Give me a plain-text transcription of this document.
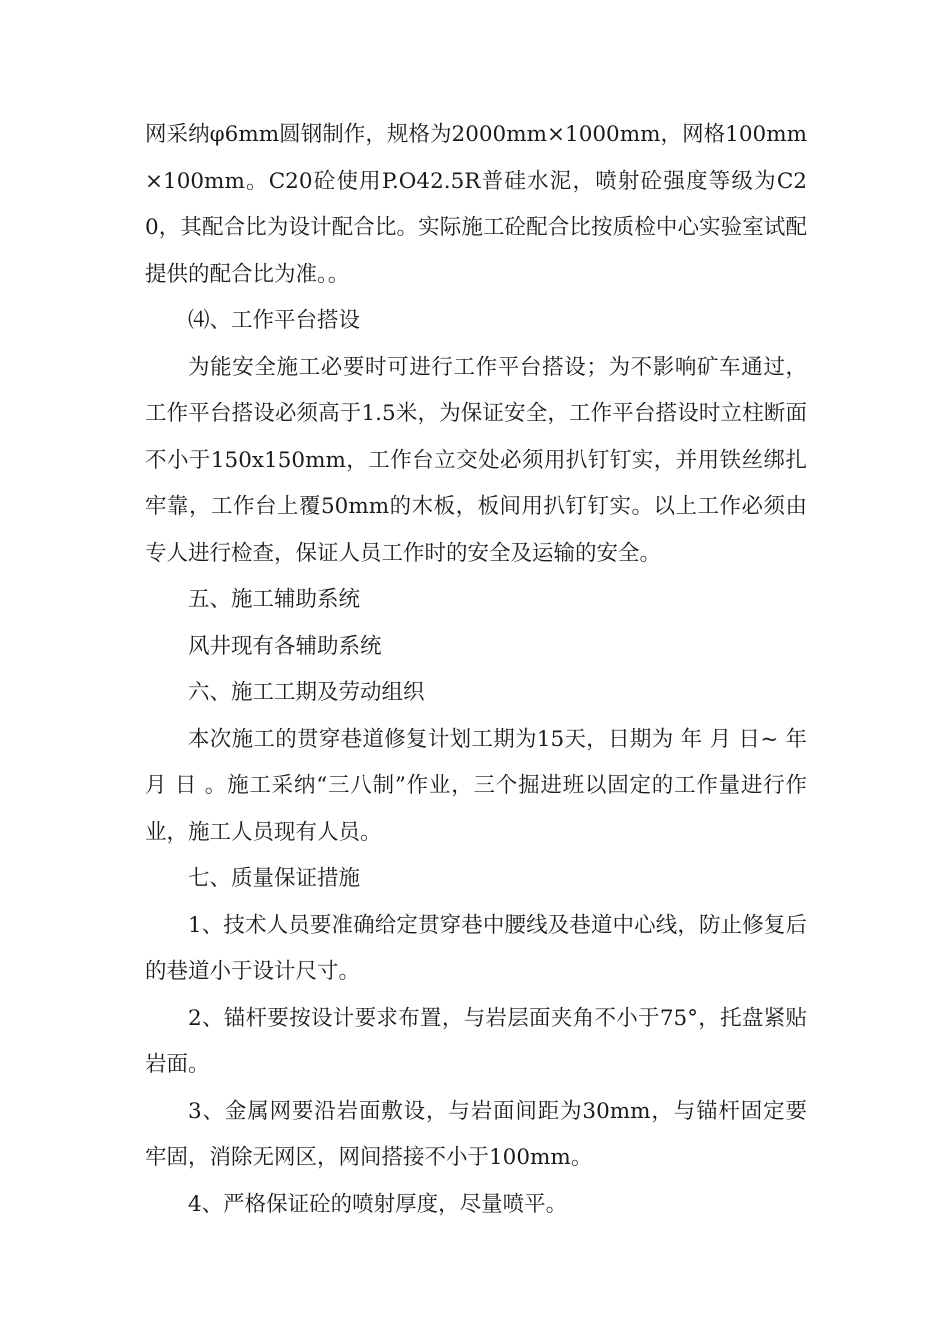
网采纳φ6mm圆钢制作，规格为2000mm×1000mm，网格100mm×100mm。C20砼使用P.O42.5R普硅水泥，喷射砼强度等级为C20，其配合比为设计配合比。实际施工砼配合比按质检中心实验室试配提供的配合比为准。。

⑷、工作平台搭设

为能安全施工必要时可进行工作平台搭设；为不影响矿车通过，工作平台搭设必须高于1.5米，为保证安全，工作平台搭设时立柱断面不小于150x150mm，工作台立交处必须用扒钉钉实，并用铁丝绑扎牢靠，工作台上覆50mm的木板，板间用扒钉钉实。以上工作必须由专人进行检查，保证人员工作时的安全及运输的安全。

五、施工辅助系统

风井现有各辅助系统

六、施工工期及劳动组织

本次施工的贯穿巷道修复计划工期为15天，日期为 年 月 日~ 年 月 日 。施工采纳“三八制”作业，三个掘进班以固定的工作量进行作业，施工人员现有人员。

七、质量保证措施

1、技术人员要准确给定贯穿巷中腰线及巷道中心线，防止修复后的巷道小于设计尺寸。

2、锚杆要按设计要求布置，与岩层面夹角不小于75°，托盘紧贴岩面。

3、金属网要沿岩面敷设，与岩面间距为30mm，与锚杆固定要牢固，消除无网区，网间搭接不小于100mm。

4、严格保证砼的喷射厚度，尽量喷平。
